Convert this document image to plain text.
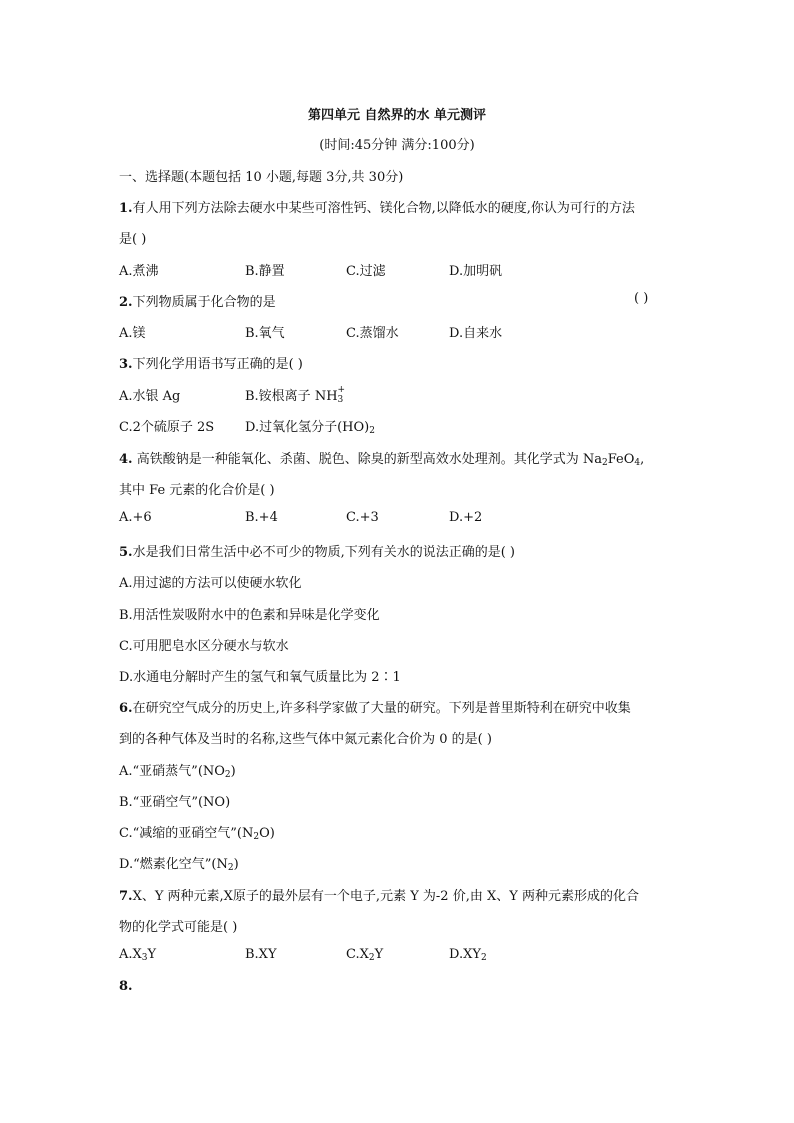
第四单元 自然界的水 单元测评
(时间:45分钟 满分:100分)
一、选择题(本题包括 10 小题,每题 3分,共 30分)
1.有人用下列方法除去硬水中某些可溶性钙、镁化合物,以降低水的硬度,你认为可行的方法
是( )
A.煮沸	B.静置	C.过滤	D.加明矾
2.下列物质属于化合物的是	( )
A.镁	B.氧气	C.蒸馏水	D.自来水
3.下列化学用语书写正确的是( )
A.水银 Ag	B.铵根离子 $NH_3$
+
C.2个硫原子 2S D.过氧化氢分子$(HO)_2$
4. 高铁酸钠是一种能氧化、杀菌、脱色、除臭的新型高效水处理剂。其化学式为 $Na_2FeO_4$,
其中 Fe 元素的化合价是( )
A.+6	B.+4	C.+3	D.+2
5.水是我们日常生活中必不可少的物质,下列有关水的说法正确的是( )
A.用过滤的方法可以使硬水软化
B.用活性炭吸附水中的色素和异味是化学变化
C.可用肥皂水区分硬水与软水
D.水通电分解时产生的氢气和氧气质量比为 2∶1
6.在研究空气成分的历史上,许多科学家做了大量的研究。下列是普里斯特利在研究中收集
到的各种气体及当时的名称,这些气体中氮元素化合价为 0 的是( )
A.“亚硝蒸气$”(NO_2)$
B.“亚硝空气”(NO)
C.“减缩的亚硝空气$”(N_2O)$
D.“燃素化空气$”(N_2)$
7.X、Y 两种元素,X原子的最外层有一个电子,元素 Y 为-2 价,由 X、Y 两种元素形成的化合
物的化学式可能是( )
$A.X_3Y$	B.XY	$C.X_2Y$	$D.XY_2$
8.
